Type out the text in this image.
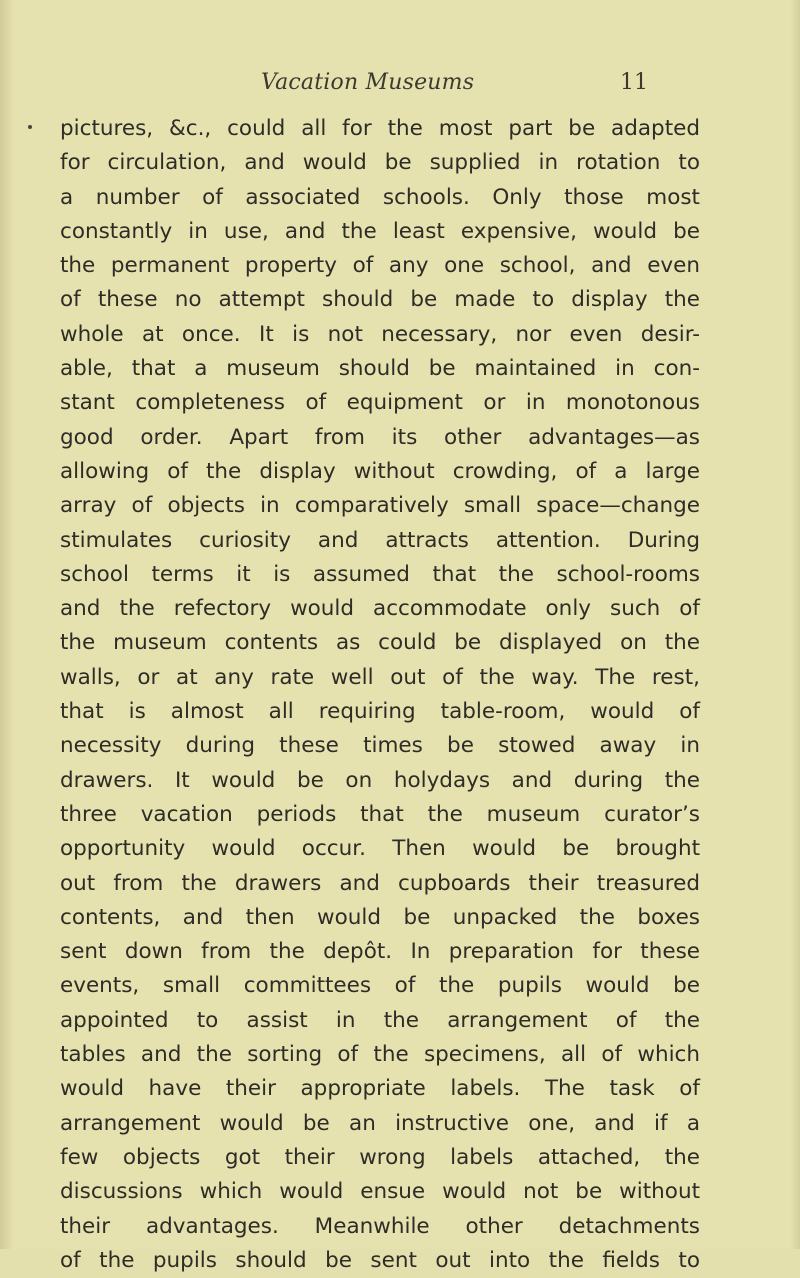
Vacation Museums	11
pictures, &c., could all for the most part be adapted
for circulation, and would be supplied in rotation to
a number of associated schools. Only those most
constantly in use, and the least expensive, would be
the permanent property of any one school, and even
of these no attempt should be made to display the
whole at once. It is not necessary, nor even desir-
able, that a museum should be maintained in con-
stant completeness of equipment or in monotonous
good order. Apart from its other advantages—as
allowing of the display without crowding, of a large
array of objects in comparatively small space—change
stimulates curiosity and attracts attention. During
school terms it is assumed that the school-rooms
and the refectory would accommodate only such of
the museum contents as could be displayed on the
walls, or at any rate well out of the way. The rest,
that is almost all requiring table-room, would of
necessity during these times be stowed away in
drawers. It would be on holydays and during the
three vacation periods that the museum curator’s
opportunity would occur. Then would be brought
out from the drawers and cupboards their treasured
contents, and then would be unpacked the boxes
sent down from the depôt. In preparation for these
events, small committees of the pupils would be
appointed to assist in the arrangement of the
tables and the sorting of the specimens, all of which
would have their appropriate labels. The task of
arrangement would be an instructive one, and if a
few objects got their wrong labels attached, the
discussions which would ensue would not be without
their advantages. Meanwhile other detachments
of the pupils should be sent out into the fields to
